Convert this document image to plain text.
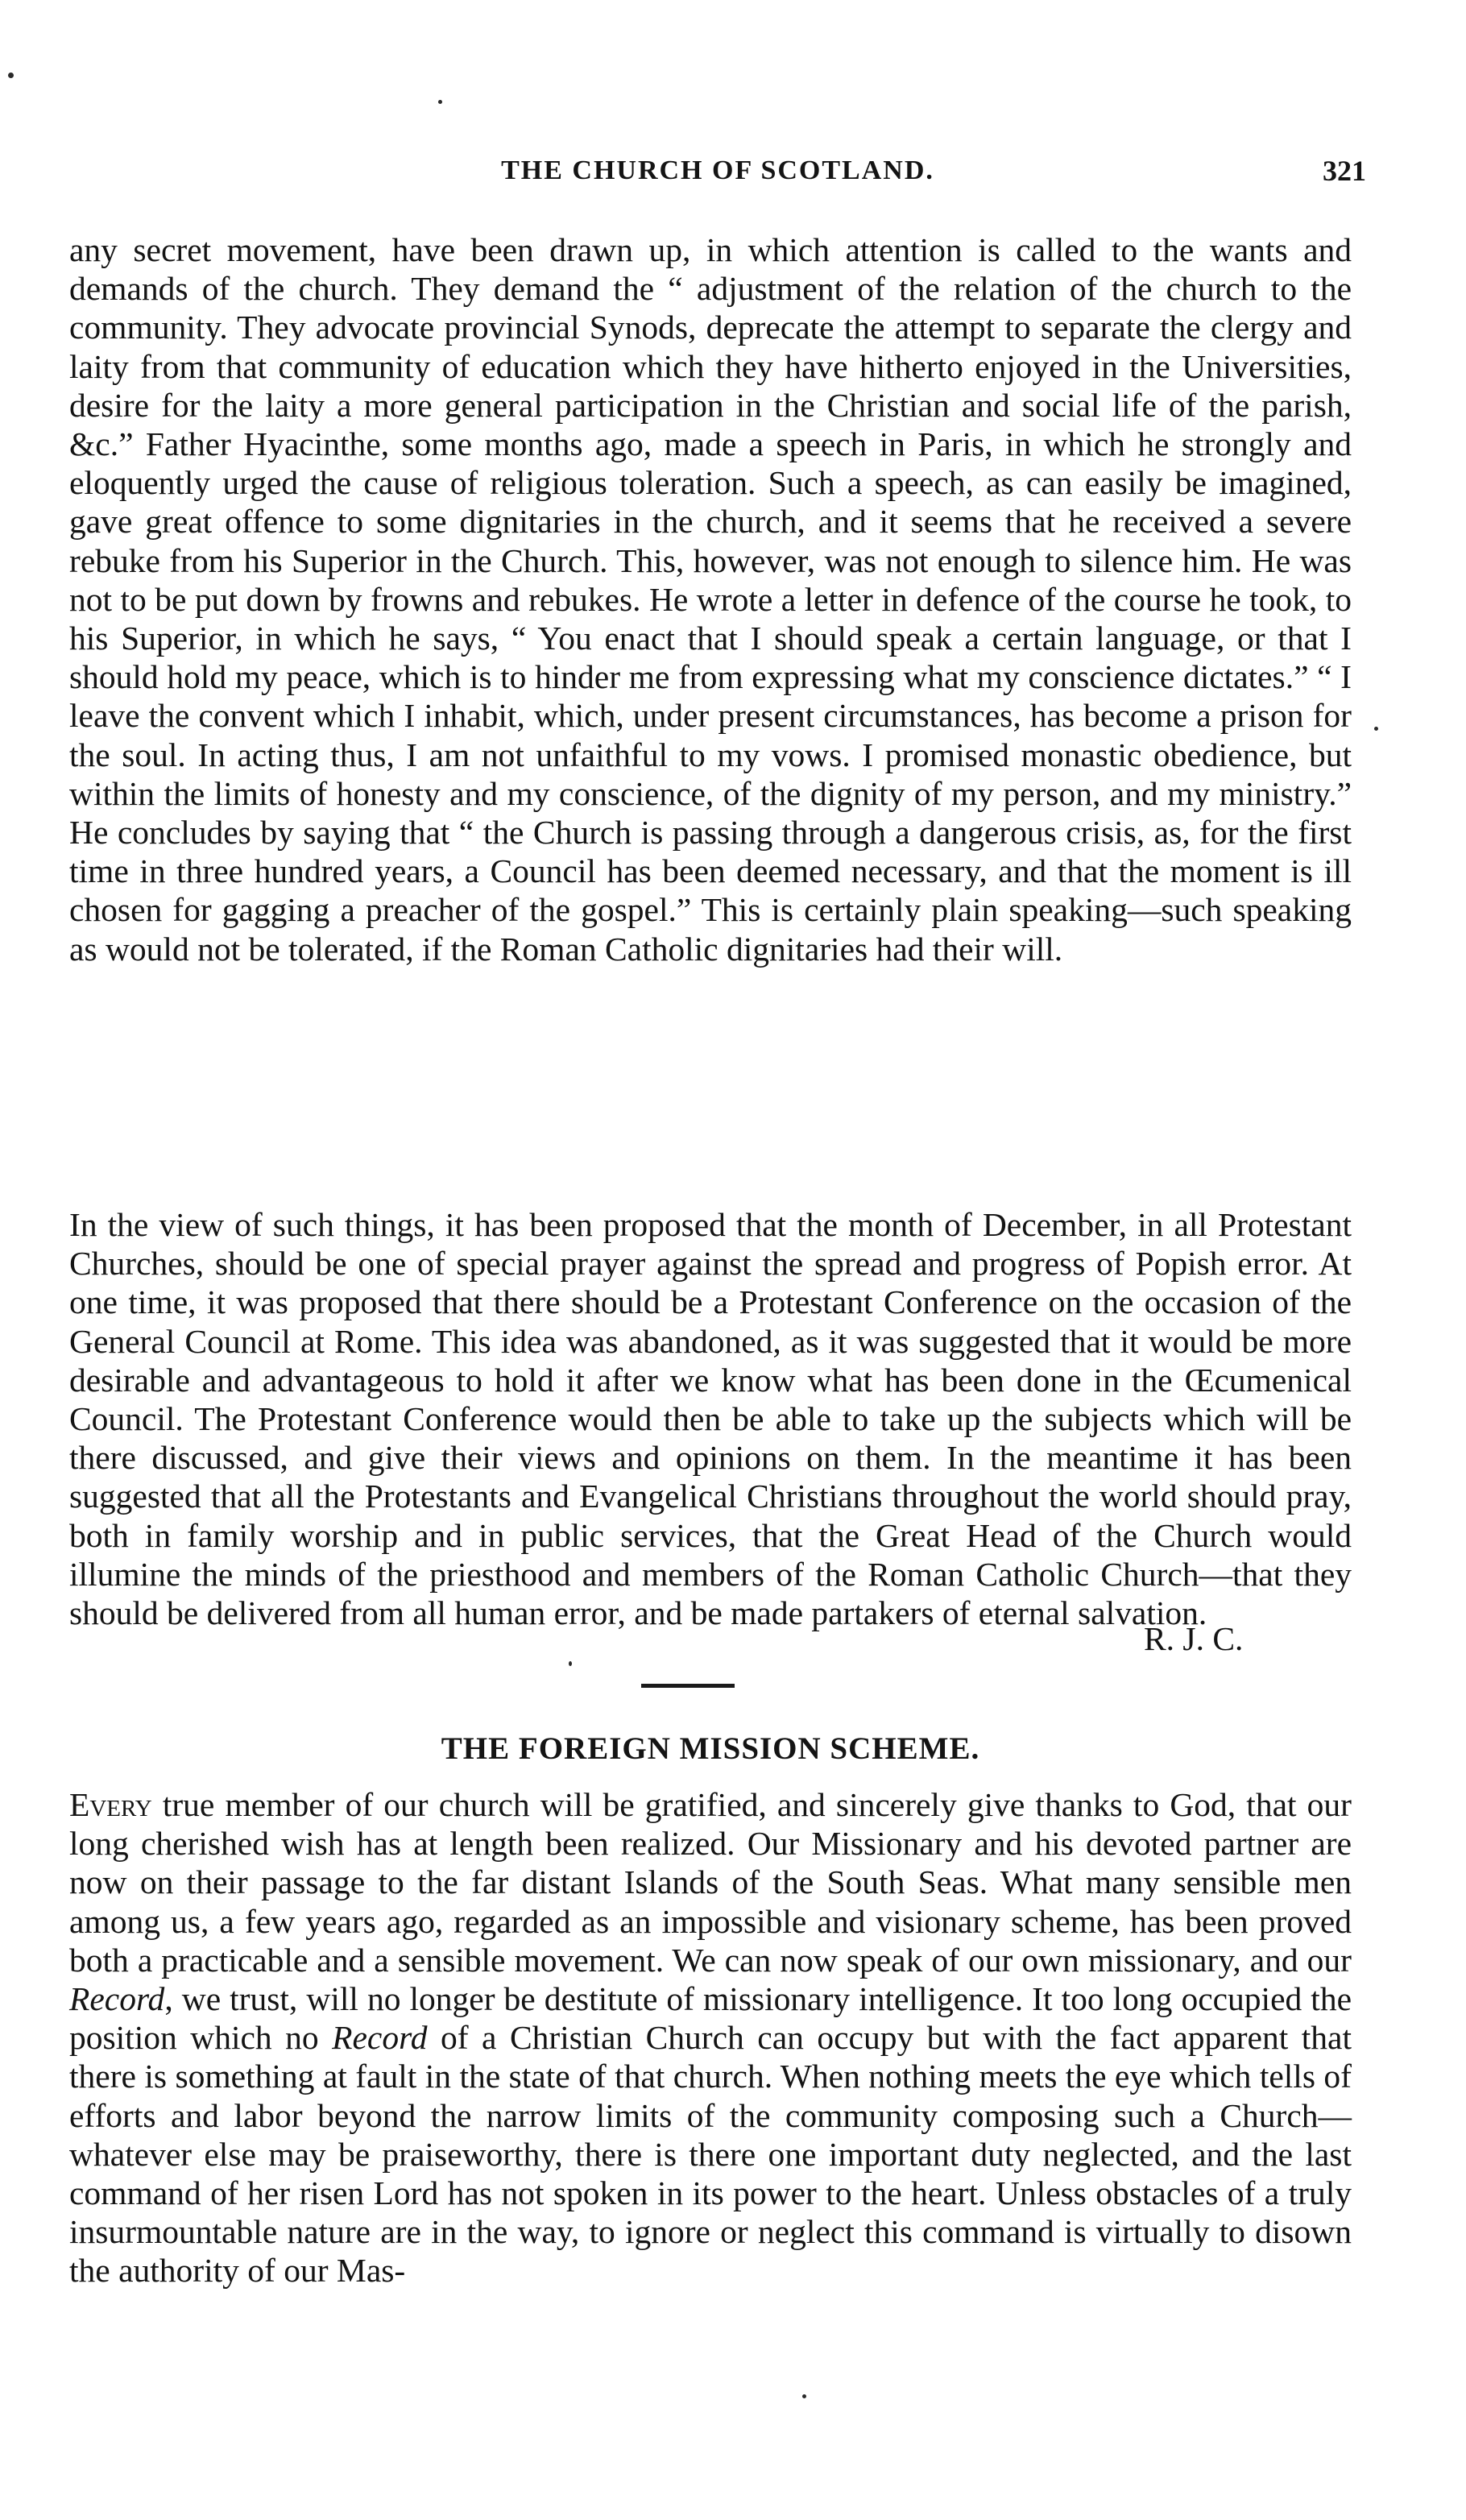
THE CHURCH OF SCOTLAND.	321

any secret movement, have been drawn up, in which attention is called to the wants and demands of the church. They demand the “ adjustment of the relation of the church to the community. They advocate provincial Synods, deprecate the attempt to separate the clergy and laity from that community of education which they have hitherto enjoyed in the Universities, desire for the laity a more general participation in the Christian and social life of the parish, &c.” Father Hyacinthe, some months ago, made a speech in Paris, in which he strongly and eloquently urged the cause of religious toleration. Such a speech, as can easily be imagined, gave great offence to some dignitaries in the church, and it seems that he received a severe rebuke from his Superior in the Church. This, however, was not enough to silence him. He was not to be put down by frowns and rebukes. He wrote a letter in defence of the course he took, to his Superior, in which he says, “ You enact that I should speak a certain language, or that I should hold my peace, which is to hinder me from expressing what my conscience dictates.” “ I leave the convent which I inhabit, which, under present circumstances, has become a prison for the soul. In acting thus, I am not unfaithful to my vows. I promised monastic obedience, but within the limits of honesty and my conscience, of the dignity of my person, and my ministry.” He concludes by saying that “ the Church is passing through a dangerous crisis, as, for the first time in three hundred years, a Council has been deemed necessary, and that the moment is ill chosen for gagging a preacher of the gospel.” This is certainly plain speaking—such speaking as would not be tolerated, if the Roman Catholic dignitaries had their will.

In the view of such things, it has been proposed that the month of December, in all Protestant Churches, should be one of special prayer against the spread and progress of Popish error. At one time, it was proposed that there should be a Protestant Conference on the occasion of the General Council at Rome. This idea was abandoned, as it was suggested that it would be more desirable and advantageous to hold it after we know what has been done in the Œcumenical Council. The Protestant Conference would then be able to take up the subjects which will be there discussed, and give their views and opinions on them. In the meantime it has been suggested that all the Protestants and Evangelical Christians throughout the world should pray, both in family worship and in public services, that the Great Head of the Church would illumine the minds of the priesthood and members of the Roman Catholic Church—that they should be delivered from all human error, and be made partakers of eternal salvation.

R. J. C.
THE FOREIGN MISSION SCHEME.

Every true member of our church will be gratified, and sincerely give thanks to God, that our long cherished wish has at length been realized. Our Missionary and his devoted partner are now on their passage to the far distant Islands of the South Seas. What many sensible men among us, a few years ago, regarded as an impossible and visionary scheme, has been proved both a practicable and a sensible movement. We can now speak of our own missionary, and our Record, we trust, will no longer be destitute of missionary intelligence. It too long occupied the position which no Record of a Christian Church can occupy but with the fact apparent that there is something at fault in the state of that church. When nothing meets the eye which tells of efforts and labor beyond the narrow limits of the community composing such a Church—whatever else may be praiseworthy, there is there one important duty neglected, and the last command of her risen Lord has not spoken in its power to the heart. Unless obstacles of a truly insurmountable nature are in the way, to ignore or neglect this command is virtually to disown the authority of our Mas-
